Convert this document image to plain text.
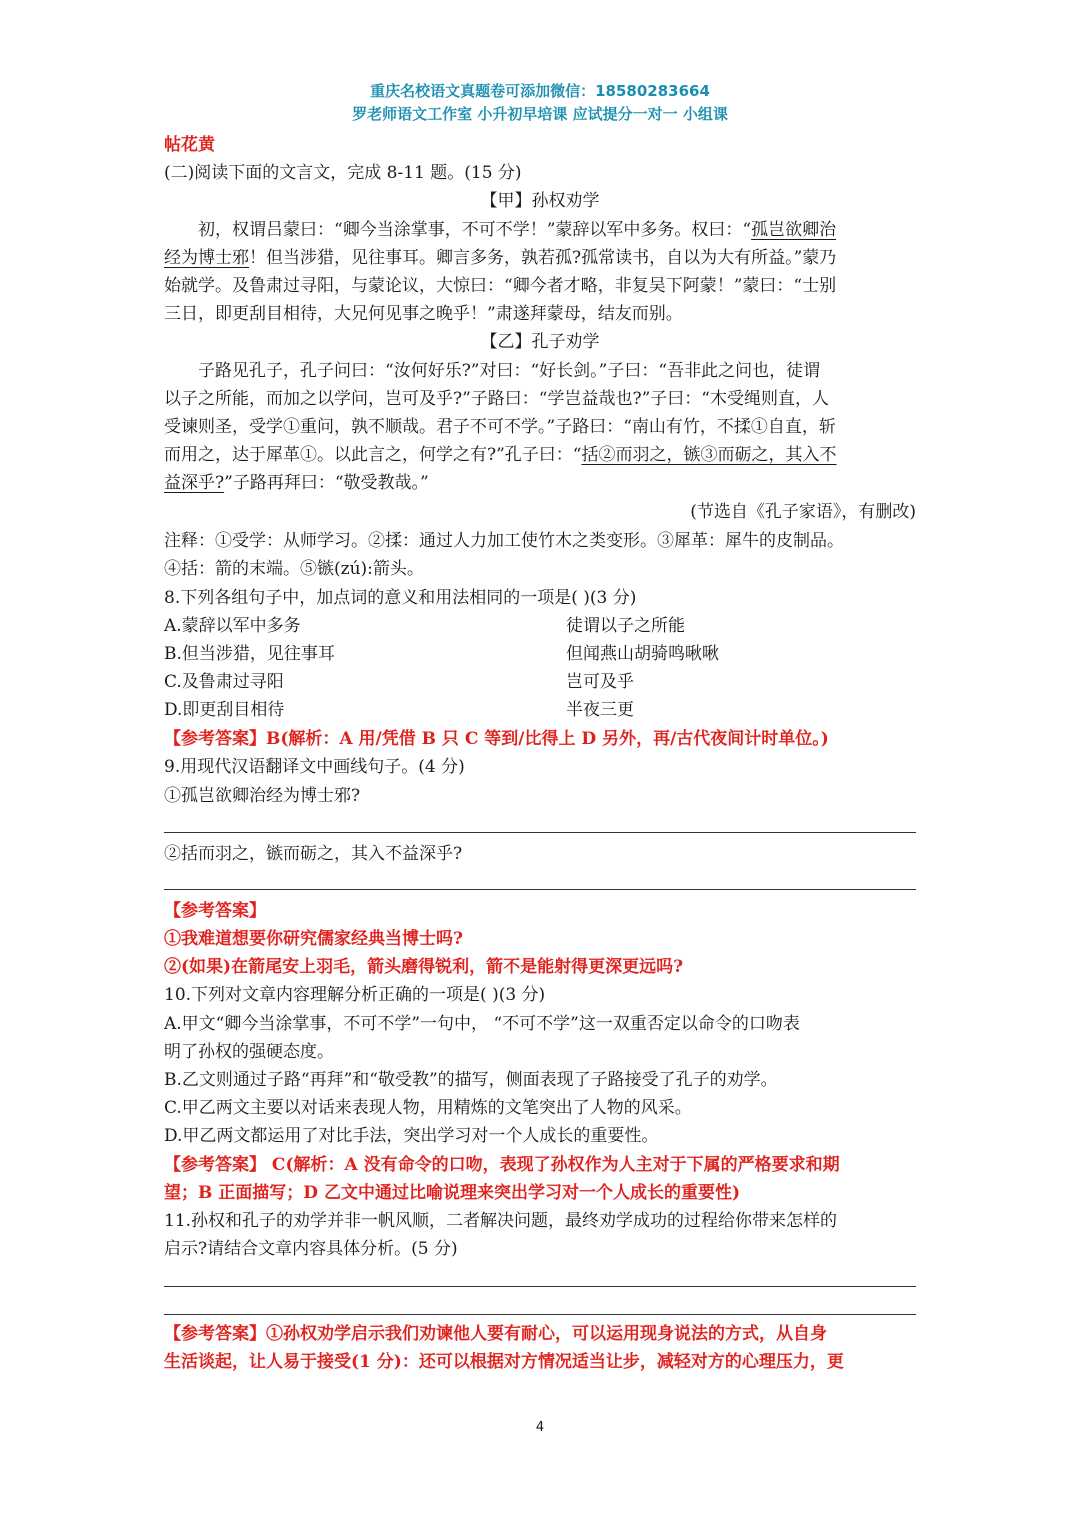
重庆名校语文真题卷可添加微信：18580283664
罗老师语文工作室 小升初早培课 应试提分一对一 小组课
帖花黄
(二)阅读下面的文言文，完成 8-11 题。(15 分)
【甲】孙权劝学
初，权谓吕蒙曰：“卿今当涂掌事，不可不学！”蒙辞以军中多务。权曰：“孤岂欲卿治
经为博士邪！但当涉猎，见往事耳。卿言多务，孰若孤?孤常读书，自以为大有所益。”蒙乃
始就学。及鲁肃过寻阳，与蒙论议，大惊曰：“卿今者才略，非复吴下阿蒙！”蒙曰：“士别
三日，即更刮目相待，大兄何见事之晚乎！”肃遂拜蒙母，结友而别。
【乙】孔子劝学
子路见孔子，孔子问曰：“汝何好乐?”对曰：“好长剑。”子曰：“吾非此之问也，徒谓
以子之所能，而加之以学问，岂可及乎?”子路曰：“学岂益哉也?”子曰：“木受绳则直，人
受谏则圣，受学①重问，孰不顺哉。君子不可不学。”子路曰：“南山有竹，不揉①自直，斩
而用之，达于犀革①。以此言之，何学之有?”孔子曰：“括②而羽之，镞③而砺之，其入不
益深乎?”子路再拜曰：“敬受教哉。”
(节选自《孔子家语》，有删改)
注释：①受学：从师学习。②揉：通过人力加工使竹木之类变形。③犀革：犀牛的皮制品。
④括：箭的末端。⑤镞(zú):箭头。
8.下列各组句子中，加点词的意义和用法相同的一项是( )(3 分)
A.蒙辞以军中多务	徒谓以子之所能
B.但当涉猎，见往事耳	但闻燕山胡骑鸣啾啾
C.及鲁肃过寻阳	岂可及乎
D.即更刮目相待	半夜三更
【参考答案】B(解析：A 用/凭借 B 只 C 等到/比得上 D 另外，再/古代夜间计时单位。)
9.用现代汉语翻译文中画线句子。(4 分)
①孤岂欲卿治经为博士邪?
②括而羽之，镞而砺之，其入不益深乎?
【参考答案】
①我难道想要你研究儒家经典当博士吗?
②(如果)在箭尾安上羽毛，箭头磨得锐利，箭不是能射得更深更远吗?
10.下列对文章内容理解分析正确的一项是( )(3 分)
A.甲文“卿今当涂掌事，不可不学”一句中， “不可不学”这一双重否定以命令的口吻表
明了孙权的强硬态度。
B.乙文则通过子路“再拜”和“敬受教”的描写，侧面表现了子路接受了孔子的劝学。
C.甲乙两文主要以对话来表现人物，用精炼的文笔突出了人物的风采。
D.甲乙两文都运用了对比手法，突出学习对一个人成长的重要性。
【参考答案】 C(解析：A 没有命令的口吻，表现了孙权作为人主对于下属的严格要求和期
望；B 正面描写；D 乙文中通过比喻说理来突出学习对一个人成长的重要性)
11.孙权和孔子的劝学并非一帆风顺，二者解决问题，最终劝学成功的过程给你带来怎样的
启示?请结合文章内容具体分析。(5 分)
【参考答案】①孙权劝学启示我们劝谏他人要有耐心，可以运用现身说法的方式，从自身
生活谈起，让人易于接受(1 分)：还可以根据对方情况适当让步，减轻对方的心理压力，更
4
